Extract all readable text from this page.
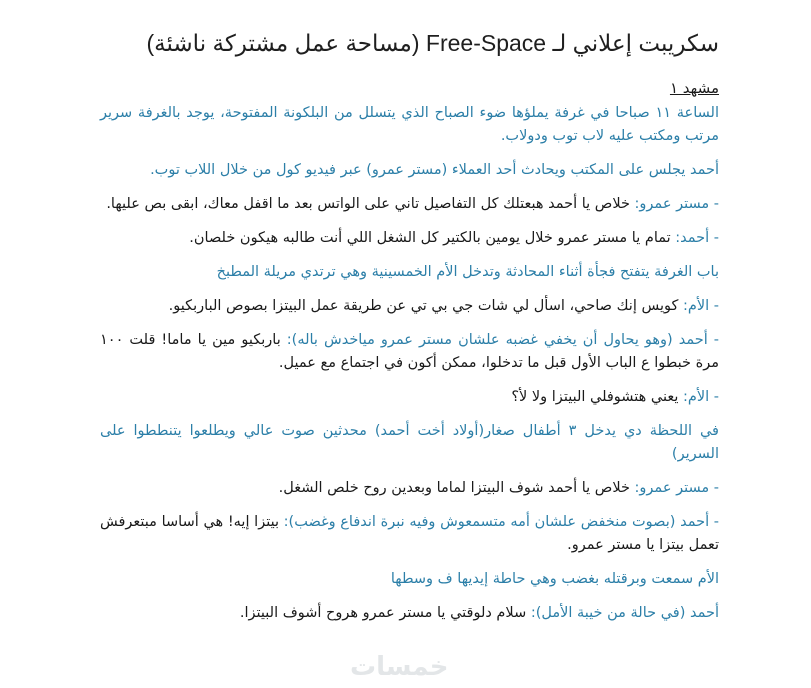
سكريبت إعلاني لـ Free-Space (مساحة عمل مشتركة ناشئة)
مشهد ١
الساعة ١١ صباحا في غرفة يملؤها ضوء الصباح الذي يتسلل من البلكونة المفتوحة، يوجد بالغرفة سرير مرتب ومكتب عليه لاب توب ودولاب.
أحمد يجلس على المكتب ويحادث أحد العملاء (مستر عمرو) عبر فيديو كول من خلال اللاب توب.
- مستر عمرو: خلاص يا أحمد هبعتلك كل التفاصيل تاني على الواتس بعد ما اقفل معاك، ابقى بص عليها.
- أحمد: تمام يا مستر عمرو خلال يومين بالكتير كل الشغل اللي أنت طالبه هيكون خلصان.
باب الغرفة يتفتح فجأة أثناء المحادثة وتدخل الأم الخمسينية وهي ترتدي مريلة المطبخ
- الأم: كويس إنك صاحي، اسأل لي شات جي بي تي عن طريقة عمل البيتزا بصوص الباربكيو.
- أحمد (وهو يحاول أن يخفي غضبه علشان مستر عمرو مياخدش باله): باربكيو مين يا ماما! قلت ١٠٠ مرة خبطوا ع الباب الأول قبل ما تدخلوا، ممكن أكون في اجتماع مع عميل.
- الأم: يعني هتشوفلي البيتزا ولا لأ؟
في اللحظة دي يدخل ٣ أطفال صغار(أولاد أخت أحمد) محدثين صوت عالي ويطلعوا يتنططوا على السرير)
- مستر عمرو: خلاص يا أحمد شوف البيتزا لماما وبعدين روح خلص الشغل.
- أحمد (بصوت منخفض علشان أمه متسمعوش وفيه نبرة اندفاع وغضب): بيتزا إيه! هي أساسا مبتعرفش تعمل بيتزا يا مستر عمرو.
الأم سمعت وبرقتله بغضب وهي حاطة إيديها ف وسطها
أحمد (في حالة من خيبة الأمل): سلام دلوقتي يا مستر عمرو هروح أشوف البيتزا.
خمسات
